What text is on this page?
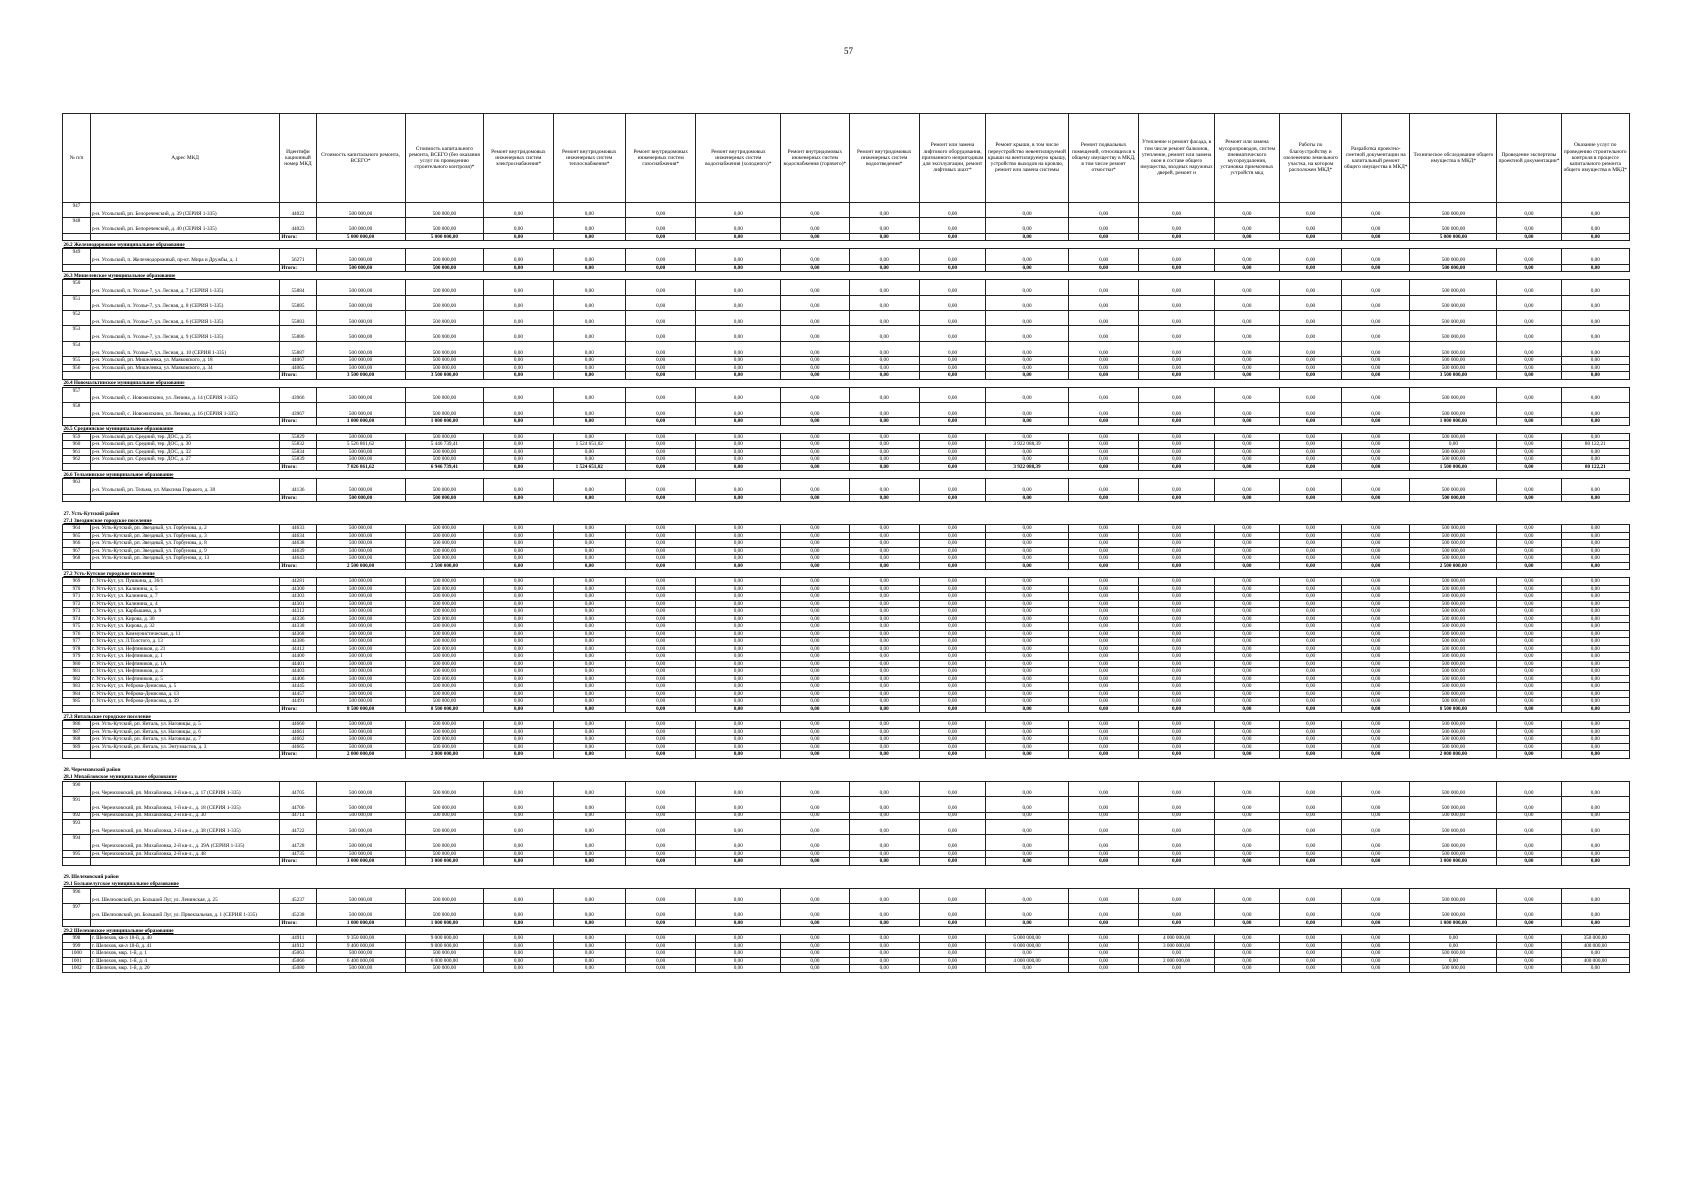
57
№ п/п	Адрес МКД	Идентифи кационный номер МКД	Стоимость капитального ремонта, ВСЕГО*	Стоимость капитального ремонта, ВСЕГО (без оказания услуг по проведению строительного контроля)*	Ремонт внутридомовых инженерных систем электроснабжения*	Ремонт внутридомовых инженерных систем теплоснабжения*	Ремонт внутридомовых инженерных систем газоснабжения*	Ремонт внутридомовых инженерных систем водоснабжения (холодного)*	Ремонт внутридомовых инженерных систем водоснабжения (горячего)*	Ремонт внутридомовых инженерных систем водоотведения*	Ремонт или замена лифтового оборудования, признанного непригодным для эксплуатации, ремонт лифтовых шахт*	Ремонт крыши, в том числе переустройство невентилируемой крыши на вентилируемую крышу, устройство выходов на кровлю, ремонт или замена системы	Ремонт подвальных помещений, относящихся к общему имуществу в МКД, в том числе ремонт отмостки*	Утепление и ремонт фасада, в том числе ремонт балконов, утепление, ремонт или замена окон в составе общего имущества, входных наружных дверей, ремонт и	Ремонт или замена мусоропроводов, систем пневматического мусороудаления, установка приемочных устройств мкд	Работы по благоустройству и озеленению земельного участка, на котором расположен МКД*	Разработка проектно-сметной документации на капитальный ремонт общего имущества в МКД*	Техническое обследование общего имущества в МКД*	Проведение экспертизы проектной документации*	Оказание услуг по проведению строительного контроля в процессе капитального ремонта общего имущества в МКД*
947	р-н. Усольский, рп. Белореченский, д. 39 (СЕРИЯ 1-335)	44022	500 000,00	500 000,00	0,00	0,00	0,00	0,00	0,00	0,00	0,00	0,00	0,00	0,00	0,00	0,00	0,00	500 000,00	0,00	0,00
948	р-н. Усольский, рп. Белореченский, д. 40 (СЕРИЯ 1-335)	44023	500 000,00	500 000,00	0,00	0,00	0,00	0,00	0,00	0,00	0,00	0,00	0,00	0,00	0,00	0,00	0,00	500 000,00	0,00	0,00
		Итого:	5 000 000,00	5 000 000,00	0,00	0,00	0,00	0,00	0,00	0,00	0,00	0,00	0,00	0,00	0,00	0,00	0,00	5 000 000,00	0,00	0,00
26.2 Железнодорожное муниципальное образование																				
949	р-н. Усольский, п. Железнодорожный, пр-кт. Мира и Дружбы, д. 1	56271	500 000,00	500 000,00	0,00	0,00	0,00	0,00	0,00	0,00	0,00	0,00	0,00	0,00	0,00	0,00	0,00	500 000,00	0,00	0,00
		Итого:	500 000,00	500 000,00	0,00	0,00	0,00	0,00	0,00	0,00	0,00	0,00	0,00	0,00	0,00	0,00	0,00	500 000,00	0,00	0,00
26.3 Мишелевское муниципальное образование																				
950	р-н. Усольский, п. Усолье-7, ул. Лесная, д. 7 (СЕРИЯ 1-335)	55884	500 000,00	500 000,00	0,00	0,00	0,00	0,00	0,00	0,00	0,00	0,00	0,00	0,00	0,00	0,00	0,00	500 000,00	0,00	0,00
951	р-н. Усольский, п. Усолье-7, ул. Лесная, д. 8 (СЕРИЯ 1-335)	55885	500 000,00	500 000,00	0,00	0,00	0,00	0,00	0,00	0,00	0,00	0,00	0,00	0,00	0,00	0,00	0,00	500 000,00	0,00	0,00
952	р-н. Усольский, п. Усолье-7, ул. Лесная, д. 6 (СЕРИЯ 1-335)	55883	500 000,00	500 000,00	0,00	0,00	0,00	0,00	0,00	0,00	0,00	0,00	0,00	0,00	0,00	0,00	0,00	500 000,00	0,00	0,00
953	р-н. Усольский, п. Усолье-7, ул. Лесная, д. 9 (СЕРИЯ 1-335)	55886	500 000,00	500 000,00	0,00	0,00	0,00	0,00	0,00	0,00	0,00	0,00	0,00	0,00	0,00	0,00	0,00	500 000,00	0,00	0,00
954	р-н. Усольский, п. Усолье-7, ул. Лесная, д. 10 (СЕРИЯ 1-335)	55887	500 000,00	500 000,00	0,00	0,00	0,00	0,00	0,00	0,00	0,00	0,00	0,00	0,00	0,00	0,00	0,00	500 000,00	0,00	0,00
955	р-н. Усольский, рп. Мишелевка, ул. Маяковского, д. 18	44067	500 000,00	500 000,00	0,00	0,00	0,00	0,00	0,00	0,00	0,00	0,00	0,00	0,00	0,00	0,00	0,00	500 000,00	0,00	0,00
956	р-н. Усольский, рп. Мишелевка, ул. Маяковского, д. 34	44065	500 000,00	500 000,00	0,00	0,00	0,00	0,00	0,00	0,00	0,00	0,00	0,00	0,00	0,00	0,00	0,00	500 000,00	0,00	0,00
		Итого:	3 500 000,00	3 500 000,00	0,00	0,00	0,00	0,00	0,00	0,00	0,00	0,00	0,00	0,00	0,00	0,00	0,00	3 500 000,00	0,00	0,00
26.4 Новомальтинское муниципальное образование																				
957	р-н. Усольский, с. Новожилкино, ул. Ленина, д. 14 (СЕРИЯ 1-335)	43966	500 000,00	500 000,00	0,00	0,00	0,00	0,00	0,00	0,00	0,00	0,00	0,00	0,00	0,00	0,00	0,00	500 000,00	0,00	0,00
958	р-н. Усольский, с. Новожилкино, ул. Ленина, д. 16 (СЕРИЯ 1-335)	43967	500 000,00	500 000,00	0,00	0,00	0,00	0,00	0,00	0,00	0,00	0,00	0,00	0,00	0,00	0,00	0,00	500 000,00	0,00	0,00
		Итого:	1 000 000,00	1 000 000,00	0,00	0,00	0,00	0,00	0,00	0,00	0,00	0,00	0,00	0,00	0,00	0,00	0,00	1 000 000,00	0,00	0,00
26.5 Среднинское муниципальное образование																				
959	р-н. Усольский, рп. Средний, тер. ДОС, д. 25	55829	500 000,00	500 000,00	0,00	0,00	0,00	0,00	0,00	0,00	0,00	0,00	0,00	0,00	0,00	0,00	0,00	500 000,00	0,00	0,00
960	р-н. Усольский, рп. Средний, тер. ДОС, д. 30	55832	5 526 861,62	5 446 739,41	0,00	1 524 651,02	0,00	0,00	0,00	0,00	0,00	3 922 088,39	0,00	0,00	0,00	0,00	0,00	0,00	0,00	80 122,21
961	р-н. Усольский, рп. Средний, тер. ДОС, д. 32	55834	500 000,00	500 000,00	0,00	0,00	0,00	0,00	0,00	0,00	0,00	0,00	0,00	0,00	0,00	0,00	0,00	500 000,00	0,00	0,00
962	р-н. Усольский, рп. Средний, тер. ДОС, д. 27	55839	500 000,00	500 000,00	0,00	0,00	0,00	0,00	0,00	0,00	0,00	0,00	0,00	0,00	0,00	0,00	0,00	500 000,00	0,00	0,00
		Итого:	7 026 861,62	6 946 739,41	0,00	1 524 651,02	0,00	0,00	0,00	0,00	0,00	3 922 088,39	0,00	0,00	0,00	0,00	0,00	1 500 000,00	0,00	80 122,21
26.6 Тельминское муниципальное образование																				
963	р-н. Усольский, рп. Тельма, ул. Максима Горького, д. 38	44136	500 000,00	500 000,00	0,00	0,00	0,00	0,00	0,00	0,00	0,00	0,00	0,00	0,00	0,00	0,00	0,00	500 000,00	0,00	0,00
		Итого:	500 000,00	500 000,00	0,00	0,00	0,00	0,00	0,00	0,00	0,00	0,00	0,00	0,00	0,00	0,00	0,00	500 000,00	0,00	0,00

27. Усть-Кутский район																				
27.1 Звездинское городское поселение																				
964	р-н. Усть-Кутский, рп. Звездный, ул. Горбунова, д. 2	44633	500 000,00	500 000,00	0,00	0,00	0,00	0,00	0,00	0,00	0,00	0,00	0,00	0,00	0,00	0,00	0,00	500 000,00	0,00	0,00
965	р-н. Усть-Кутский, рп. Звездный, ул. Горбунова, д. 3	44634	500 000,00	500 000,00	0,00	0,00	0,00	0,00	0,00	0,00	0,00	0,00	0,00	0,00	0,00	0,00	0,00	500 000,00	0,00	0,00
966	р-н. Усть-Кутский, рп. Звездный, ул. Горбунова, д. 8	44638	500 000,00	500 000,00	0,00	0,00	0,00	0,00	0,00	0,00	0,00	0,00	0,00	0,00	0,00	0,00	0,00	500 000,00	0,00	0,00
967	р-н. Усть-Кутский, рп. Звездный, ул. Горбунова, д. 9	44639	500 000,00	500 000,00	0,00	0,00	0,00	0,00	0,00	0,00	0,00	0,00	0,00	0,00	0,00	0,00	0,00	500 000,00	0,00	0,00
968	р-н. Усть-Кутский, рп. Звездный, ул. Горбунова, д. 13	44643	500 000,00	500 000,00	0,00	0,00	0,00	0,00	0,00	0,00	0,00	0,00	0,00	0,00	0,00	0,00	0,00	500 000,00	0,00	0,00
		Итого:	2 500 000,00	2 500 000,00	0,00	0,00	0,00	0,00	0,00	0,00	0,00	0,00	0,00	0,00	0,00	0,00	0,00	2 500 000,00	0,00	0,00
27.2 Усть-Кутское городское поселение																				
969	г. Усть-Кут, ул. Пушкина, д. 36/1	44281	500 000,00	500 000,00	0,00	0,00	0,00	0,00	0,00	0,00	0,00	0,00	0,00	0,00	0,00	0,00	0,00	500 000,00	0,00	0,00
970	г. Усть-Кут, ул. Калинина, д. 5	44300	500 000,00	500 000,00	0,00	0,00	0,00	0,00	0,00	0,00	0,00	0,00	0,00	0,00	0,00	0,00	0,00	500 000,00	0,00	0,00
971	г. Усть-Кут, ул. Калинина, д. 7	44303	500 000,00	500 000,00	0,00	0,00	0,00	0,00	0,00	0,00	0,00	0,00	0,00	0,00	0,00	0,00	0,00	500 000,00	0,00	0,00
972	г. Усть-Кут, ул. Калинина, д. 4	44301	500 000,00	500 000,00	0,00	0,00	0,00	0,00	0,00	0,00	0,00	0,00	0,00	0,00	0,00	0,00	0,00	500 000,00	0,00	0,00
973	г. Усть-Кут, ул. Карбышева, д. 9	44312	500 000,00	500 000,00	0,00	0,00	0,00	0,00	0,00	0,00	0,00	0,00	0,00	0,00	0,00	0,00	0,00	500 000,00	0,00	0,00
974	г. Усть-Кут, ул. Кирова, д. 30	44336	500 000,00	500 000,00	0,00	0,00	0,00	0,00	0,00	0,00	0,00	0,00	0,00	0,00	0,00	0,00	0,00	500 000,00	0,00	0,00
975	г. Усть-Кут, ул. Кирова, д. 32	44338	500 000,00	500 000,00	0,00	0,00	0,00	0,00	0,00	0,00	0,00	0,00	0,00	0,00	0,00	0,00	0,00	500 000,00	0,00	0,00
976	г. Усть-Кут, ул. Коммунистическая, д. 11	44368	500 000,00	500 000,00	0,00	0,00	0,00	0,00	0,00	0,00	0,00	0,00	0,00	0,00	0,00	0,00	0,00	500 000,00	0,00	0,00
977	г. Усть-Кут, ул. Л.Толстого, д. 13	44386	500 000,00	500 000,00	0,00	0,00	0,00	0,00	0,00	0,00	0,00	0,00	0,00	0,00	0,00	0,00	0,00	500 000,00	0,00	0,00
978	г. Усть-Кут, ул. Нефтяников, д. 21	44412	500 000,00	500 000,00	0,00	0,00	0,00	0,00	0,00	0,00	0,00	0,00	0,00	0,00	0,00	0,00	0,00	500 000,00	0,00	0,00
979	г. Усть-Кут, ул. Нефтяников, д. 1	44400	500 000,00	500 000,00	0,00	0,00	0,00	0,00	0,00	0,00	0,00	0,00	0,00	0,00	0,00	0,00	0,00	500 000,00	0,00	0,00
980	г. Усть-Кут, ул. Нефтяников, д. 1А	44401	500 000,00	500 000,00	0,00	0,00	0,00	0,00	0,00	0,00	0,00	0,00	0,00	0,00	0,00	0,00	0,00	500 000,00	0,00	0,00
981	г. Усть-Кут, ул. Нефтяников, д. 3	44403	500 000,00	500 000,00	0,00	0,00	0,00	0,00	0,00	0,00	0,00	0,00	0,00	0,00	0,00	0,00	0,00	500 000,00	0,00	0,00
982	г. Усть-Кут, ул. Нефтяников, д. 5	44406	500 000,00	500 000,00	0,00	0,00	0,00	0,00	0,00	0,00	0,00	0,00	0,00	0,00	0,00	0,00	0,00	500 000,00	0,00	0,00
983	г. Усть-Кут, ул. Реброва-Денисова, д. 5	44445	500 000,00	500 000,00	0,00	0,00	0,00	0,00	0,00	0,00	0,00	0,00	0,00	0,00	0,00	0,00	0,00	500 000,00	0,00	0,00
984	г. Усть-Кут, ул. Реброва-Денисова, д. 13	44457	500 000,00	500 000,00	0,00	0,00	0,00	0,00	0,00	0,00	0,00	0,00	0,00	0,00	0,00	0,00	0,00	500 000,00	0,00	0,00
985	г. Усть-Кут, ул. Реброва-Денисова, д. 39	44491	500 000,00	500 000,00	0,00	0,00	0,00	0,00	0,00	0,00	0,00	0,00	0,00	0,00	0,00	0,00	0,00	500 000,00	0,00	0,00
		Итого:	8 500 000,00	8 500 000,00	0,00	0,00	0,00	0,00	0,00	0,00	0,00	0,00	0,00	0,00	0,00	0,00	0,00	8 500 000,00	0,00	0,00
27.3 Янтальское городское поселение																				
986	р-н. Усть-Кутский, рп. Янталь, ул. Наговицы, д. 5	44660	500 000,00	500 000,00	0,00	0,00	0,00	0,00	0,00	0,00	0,00	0,00	0,00	0,00	0,00	0,00	0,00	500 000,00	0,00	0,00
987	р-н. Усть-Кутский, рп. Янталь, ул. Наговицы, д. 6	44661	500 000,00	500 000,00	0,00	0,00	0,00	0,00	0,00	0,00	0,00	0,00	0,00	0,00	0,00	0,00	0,00	500 000,00	0,00	0,00
988	р-н. Усть-Кутский, рп. Янталь, ул. Наговицы, д. 7	44662	500 000,00	500 000,00	0,00	0,00	0,00	0,00	0,00	0,00	0,00	0,00	0,00	0,00	0,00	0,00	0,00	500 000,00	0,00	0,00
989	р-н. Усть-Кутский, рп. Янталь, ул. Энтузиастов, д. 3	44665	500 000,00	500 000,00	0,00	0,00	0,00	0,00	0,00	0,00	0,00	0,00	0,00	0,00	0,00	0,00	0,00	500 000,00	0,00	0,00
		Итого:	2 000 000,00	2 000 000,00	0,00	0,00	0,00	0,00	0,00	0,00	0,00	0,00	0,00	0,00	0,00	0,00	0,00	2 000 000,00	0,00	0,00

28. Черемховский район																				
28.1 Михайловское муниципальное образование																				
990	р-н. Черемховский, рп. Михайловка, 1-й кв-л., д. 17 (СЕРИЯ 1-335)	44705	500 000,00	500 000,00	0,00	0,00	0,00	0,00	0,00	0,00	0,00	0,00	0,00	0,00	0,00	0,00	0,00	500 000,00	0,00	0,00
991	р-н. Черемховский, рп. Михайловка, 1-й кв-л., д. 18 (СЕРИЯ 1-335)	44706	500 000,00	500 000,00	0,00	0,00	0,00	0,00	0,00	0,00	0,00	0,00	0,00	0,00	0,00	0,00	0,00	500 000,00	0,00	0,00
992	р-н. Черемховский, рп. Михайловка, 2-й кв-л., д. 30	44714	500 000,00	500 000,00	0,00	0,00	0,00	0,00	0,00	0,00	0,00	0,00	0,00	0,00	0,00	0,00	0,00	500 000,00	0,00	0,00
993	р-н. Черемховский, рп. Михайловка, 2-й кв-л., д. 38 (СЕРИЯ 1-335)	44722	500 000,00	500 000,00	0,00	0,00	0,00	0,00	0,00	0,00	0,00	0,00	0,00	0,00	0,00	0,00	0,00	500 000,00	0,00	0,00
994	р-н. Черемховский, рп. Михайловка, 2-й кв-л., д. 39А (СЕРИЯ 1-335)	44728	500 000,00	500 000,00	0,00	0,00	0,00	0,00	0,00	0,00	0,00	0,00	0,00	0,00	0,00	0,00	0,00	500 000,00	0,00	0,00
995	р-н. Черемховский, рп. Михайловка, 2-й кв-л., д. 48	44735	500 000,00	500 000,00	0,00	0,00	0,00	0,00	0,00	0,00	0,00	0,00	0,00	0,00	0,00	0,00	0,00	500 000,00	0,00	0,00
		Итого:	3 000 000,00	3 000 000,00	0,00	0,00	0,00	0,00	0,00	0,00	0,00	0,00	0,00	0,00	0,00	0,00	0,00	3 000 000,00	0,00	0,00

29. Шелеховский район																				
29.1 Большелугское муниципальное образование																				
996	р-н. Шелеховский, рп. Большой Луг, ул. Ленинская, д. 25	45237	500 000,00	500 000,00	0,00	0,00	0,00	0,00	0,00	0,00	0,00	0,00	0,00	0,00	0,00	0,00	0,00	500 000,00	0,00	0,00
997	р-н. Шелеховский, рп. Большой Луг, ул. Првокзальная, д. 1 (СЕРИЯ 1-335)	45238	500 000,00	500 000,00	0,00	0,00	0,00	0,00	0,00	0,00	0,00	0,00	0,00	0,00	0,00	0,00	0,00	500 000,00	0,00	0,00
		Итого:	1 000 000,00	1 000 000,00	0,00	0,00	0,00	0,00	0,00	0,00	0,00	0,00	0,00	0,00	0,00	0,00	0,00	1 000 000,00	0,00	0,00
29.2 Шелеховское муниципальное образование																				
998	г. Шелехов, кв-л 18-й, д. 40	44911	9 350 000,00	9 000 000,00	0,00	0,00	0,00	0,00	0,00	0,00	0,00	5 000 000,00	0,00	4 000 000,00	0,00	0,00	0,00	0,00	0,00	350 000,00
999	г. Шелехов, кв-л 18-й, д. 41	44912	9 400 000,00	9 000 000,00	0,00	0,00	0,00	0,00	0,00	0,00	0,00	6 000 000,00	0,00	3 000 000,00	0,00	0,00	0,00	0,00	0,00	400 000,00
1000	г. Шелехов, мкр. 1-й, д. 1	45063	500 000,00	500 000,00	0,00	0,00	0,00	0,00	0,00	0,00	0,00	0,00	0,00	0,00	0,00	0,00	0,00	500 000,00	0,00	0,00
1001	г. Шелехов, мкр. 1-й, д. 4	45066	6 400 000,00	6 000 000,00	0,00	0,00	0,00	0,00	0,00	0,00	0,00	4 000 000,00	0,00	2 000 000,00	0,00	0,00	0,00	0,00	0,00	400 000,00
1002	г. Шелехов, мкр. 1-й, д. 20	45080	500 000,00	500 000,00	0,00	0,00	0,00	0,00	0,00	0,00	0,00	0,00	0,00	0,00	0,00	0,00	0,00	500 000,00	0,00	0,00
